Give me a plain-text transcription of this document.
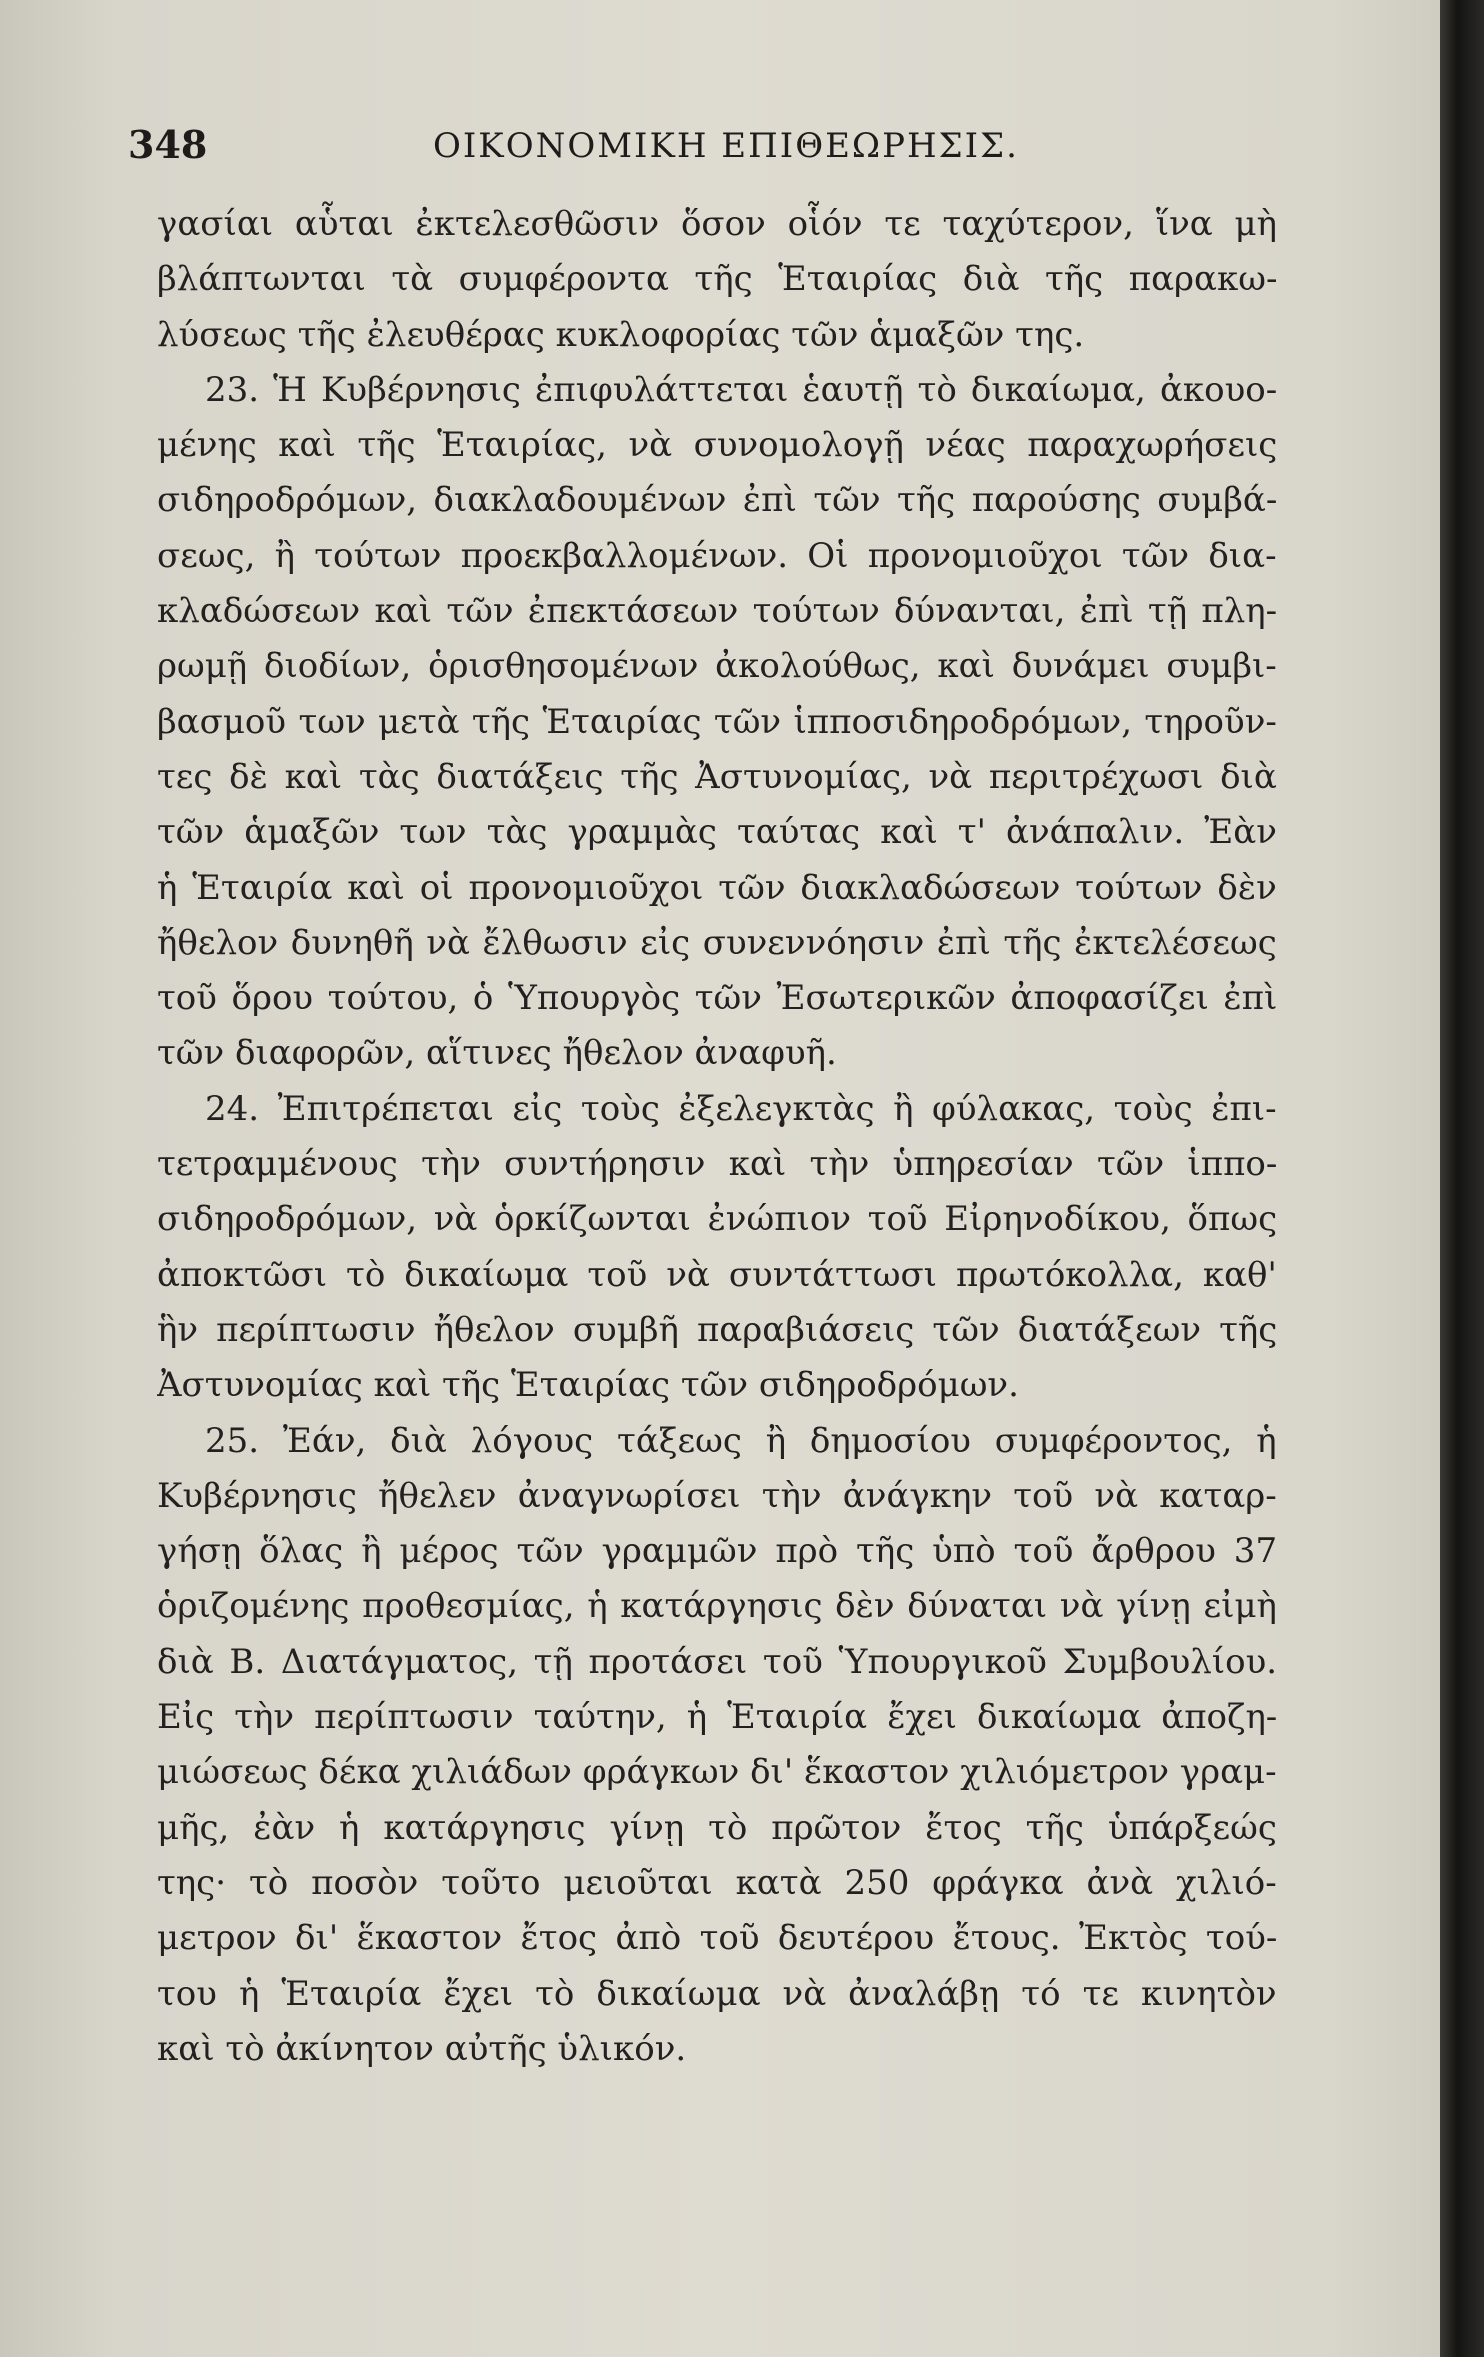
348	ΟΙΚΟΝΟΜΙΚΗ ΕΠΙΘΕΩΡΗΣΙΣ.
γασίαι αὗται ἐκτελεσθῶσιν ὅσον οἷόν τε ταχύτερον, ἵνα μὴ
βλάπτωνται τὰ συμφέροντα τῆς Ἑταιρίας διὰ τῆς παρακω-
λύσεως τῆς ἐλευθέρας κυκλοφορίας τῶν ἁμαξῶν της.
23. Ἡ Κυβέρνησις ἐπιφυλάττεται ἑαυτῇ τὸ δικαίωμα, ἀκουο-
μένης καὶ τῆς Ἑταιρίας, νὰ συνομολογῇ νέας παραχωρήσεις
σιδηροδρόμων, διακλαδουμένων ἐπὶ τῶν τῆς παρούσης συμβά-
σεως, ἢ τούτων προεκβαλλομένων. Οἱ προνομιοῦχοι τῶν δια-
κλαδώσεων καὶ τῶν ἐπεκτάσεων τούτων δύνανται, ἐπὶ τῇ πλη-
ρωμῇ διοδίων, ὁρισθησομένων ἀκολούθως, καὶ δυνάμει συμβι-
βασμοῦ των μετὰ τῆς Ἑταιρίας τῶν ἱπποσιδηροδρόμων, τηροῦν-
τες δὲ καὶ τὰς διατάξεις τῆς Ἀστυνομίας, νὰ περιτρέχωσι διὰ
τῶν ἁμαξῶν των τὰς γραμμὰς ταύτας καὶ τ' ἀνάπαλιν. Ἐὰν
ἡ Ἑταιρία καὶ οἱ προνομιοῦχοι τῶν διακλαδώσεων τούτων δὲν
ἤθελον δυνηθῆ νὰ ἔλθωσιν εἰς συνεννόησιν ἐπὶ τῆς ἐκτελέσεως
τοῦ ὅρου τούτου, ὁ Ὑπουργὸς τῶν Ἐσωτερικῶν ἀποφασίζει ἐπὶ
τῶν διαφορῶν, αἵτινες ἤθελον ἀναφυῆ.
24. Ἐπιτρέπεται εἰς τοὺς ἐξελεγκτὰς ἢ φύλακας, τοὺς ἐπι-
τετραμμένους τὴν συντήρησιν καὶ τὴν ὑπηρεσίαν τῶν ἱππο-
σιδηροδρόμων, νὰ ὁρκίζωνται ἐνώπιον τοῦ Εἰρηνοδίκου, ὅπως
ἀποκτῶσι τὸ δικαίωμα τοῦ νὰ συντάττωσι πρωτόκολλα, καθ'
ἣν περίπτωσιν ἤθελον συμβῆ παραβιάσεις τῶν διατάξεων τῆς
Ἀστυνομίας καὶ τῆς Ἑταιρίας τῶν σιδηροδρόμων.
25. Ἐάν, διὰ λόγους τάξεως ἢ δημοσίου συμφέροντος, ἡ
Κυβέρνησις ἤθελεν ἀναγνωρίσει τὴν ἀνάγκην τοῦ νὰ καταρ-
γήσῃ ὅλας ἢ μέρος τῶν γραμμῶν πρὸ τῆς ὑπὸ τοῦ ἄρθρου 37
ὁριζομένης προθεσμίας, ἡ κατάργησις δὲν δύναται νὰ γίνῃ εἰμὴ
διὰ Β. Διατάγματος, τῇ προτάσει τοῦ Ὑπουργικοῦ Συμβουλίου.
Εἰς τὴν περίπτωσιν ταύτην, ἡ Ἑταιρία ἔχει δικαίωμα ἀποζη-
μιώσεως δέκα χιλιάδων φράγκων δι' ἕκαστον χιλιόμετρον γραμ-
μῆς, ἐὰν ἡ κατάργησις γίνῃ τὸ πρῶτον ἔτος τῆς ὑπάρξεώς
της· τὸ ποσὸν τοῦτο μειοῦται κατὰ 250 φράγκα ἀνὰ χιλιό-
μετρον δι' ἕκαστον ἔτος ἀπὸ τοῦ δευτέρου ἔτους. Ἐκτὸς τού-
του ἡ Ἑταιρία ἔχει τὸ δικαίωμα νὰ ἀναλάβῃ τό τε κινητὸν
καὶ τὸ ἀκίνητον αὐτῆς ὑλικόν.
